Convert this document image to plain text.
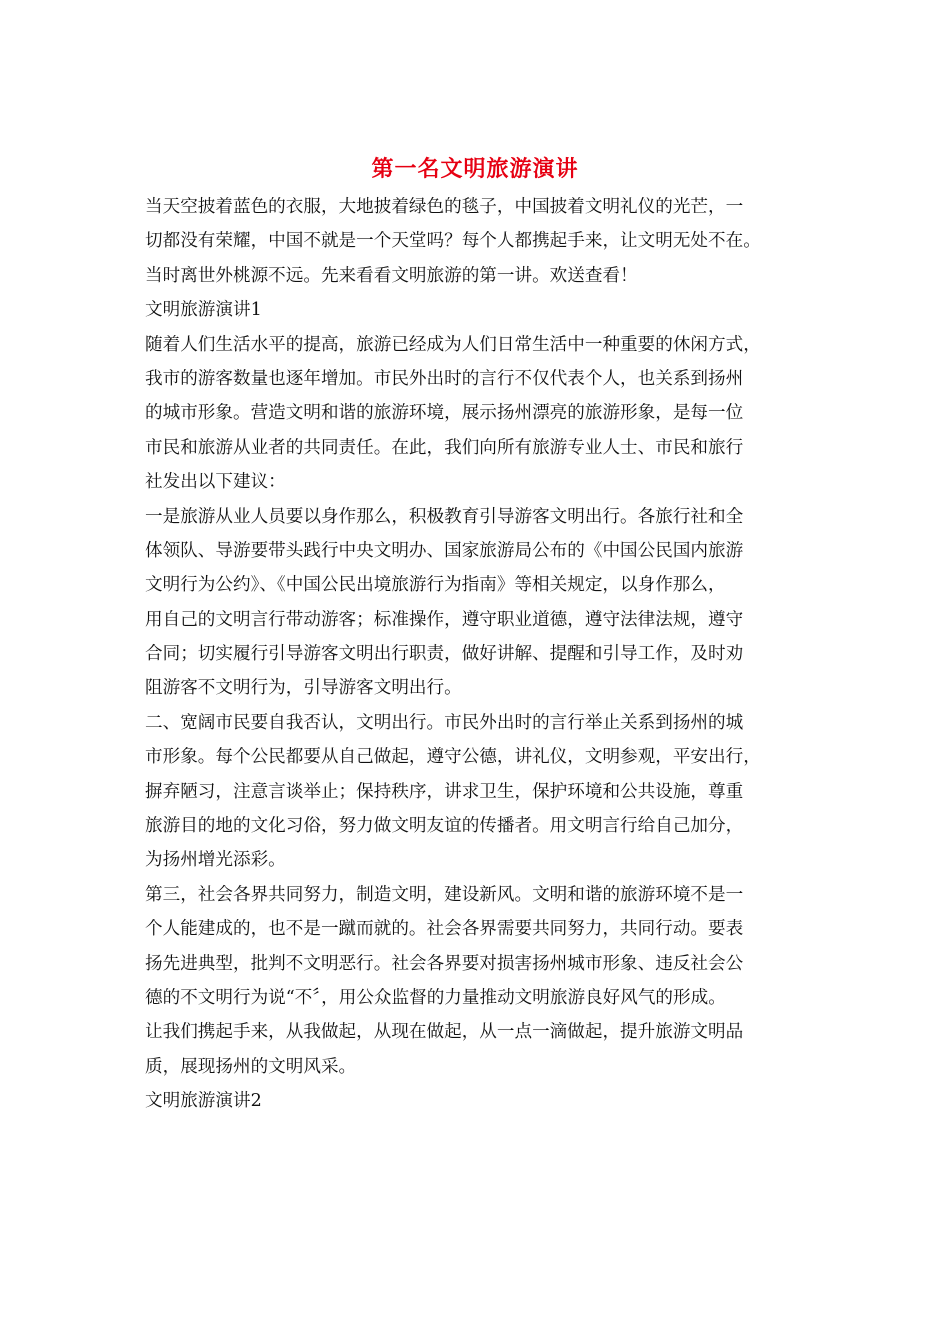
第一名文明旅游演讲
当天空披着蓝色的衣服，大地披着绿色的毯子，中国披着文明礼仪的光芒，一
切都没有荣耀，中国不就是一个天堂吗？每个人都携起手来，让文明无处不在。
当时离世外桃源不远。先来看看文明旅游的第一讲。欢送查看！
文明旅游演讲1
随着人们生活水平的提高，旅游已经成为人们日常生活中一种重要的休闲方式，
我市的游客数量也逐年增加。市民外出时的言行不仅代表个人，也关系到扬州
的城市形象。营造文明和谐的旅游环境，展示扬州漂亮的旅游形象，是每一位
市民和旅游从业者的共同责任。在此，我们向所有旅游专业人士、市民和旅行
社发出以下建议：
一是旅游从业人员要以身作那么，积极教育引导游客文明出行。各旅行社和全
体领队、导游要带头践行中央文明办、国家旅游局公布的《中国公民国内旅游
文明行为公约》、《中国公民出境旅游行为指南》等相关规定，以身作那么，
用自己的文明言行带动游客；标准操作，遵守职业道德，遵守法律法规，遵守
合同；切实履行引导游客文明出行职责，做好讲解、提醒和引导工作，及时劝
阻游客不文明行为，引导游客文明出行。
二、宽阔市民要自我否认，文明出行。市民外出时的言行举止关系到扬州的城
市形象。每个公民都要从自己做起，遵守公德，讲礼仪，文明参观，平安出行，
摒弃陋习，注意言谈举止；保持秩序，讲求卫生，保护环境和公共设施，尊重
旅游目的地的文化习俗，努力做文明友谊的传播者。用文明言行给自己加分，
为扬州增光添彩。
第三，社会各界共同努力，制造文明，建设新风。文明和谐的旅游环境不是一
个人能建成的，也不是一蹴而就的。社会各界需要共同努力，共同行动。要表
扬先进典型，批判不文明恶行。社会各界要对损害扬州城市形象、违反社会公
德的不文明行为说“不〞，用公众监督的力量推动文明旅游良好风气的形成。
让我们携起手来，从我做起，从现在做起，从一点一滴做起，提升旅游文明品
质，展现扬州的文明风采。
文明旅游演讲2
